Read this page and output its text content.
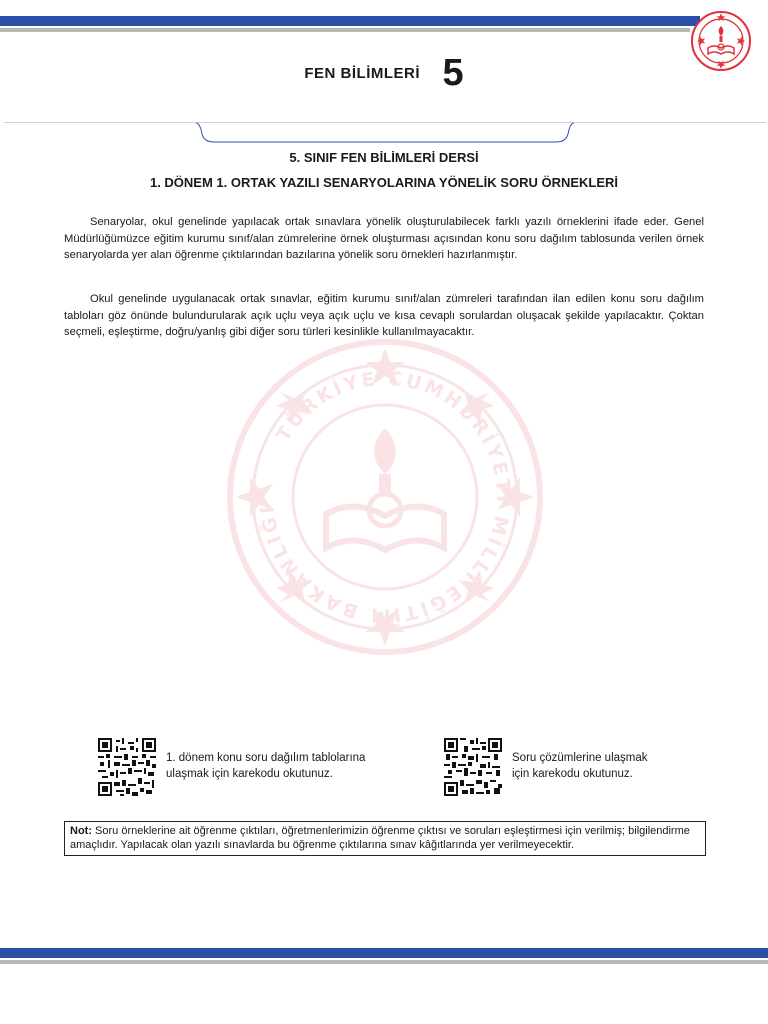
FEN BİLİMLERİ 5
5. SINIF FEN BİLİMLERİ DERSİ
1. DÖNEM 1. ORTAK YAZILI SENARYOLARINA YÖNELİK SORU ÖRNEKLERİ

Senaryolar, okul genelinde yapılacak ortak sınavlara yönelik oluşturulabilecek farklı yazılı örneklerini ifade eder. Genel Müdürlüğümüzce eğitim kurumu sınıf/alan zümrelerine örnek oluşturması açısından konu soru dağılım tablosunda verilen örnek senaryolarda yer alan öğrenme çıktılarından bazılarına yönelik soru örnekleri hazırlanmıştır.

Okul genelinde uygulanacak ortak sınavlar, eğitim kurumu sınıf/alan zümreleri tarafından ilan edilen konu soru dağılım tabloları göz önünde bulundurularak açık uçlu veya açık uçlu ve kısa cevaplı sorulardan oluşacak şekilde yapılacaktır. Çoktan seçmeli, eşleştirme, doğru/yanlış gibi diğer soru türleri kesinlikle kullanılmayacaktır.

TÜRKİYE CUMHURİYETİ MİLLİ EĞİTİM BAKANLIĞI
1. dönem konu soru dağılım tablolarına
ulaşmak için karekodu okutunuz.
Soru çözümlerine ulaşmak
için karekodu okutunuz.
Not: Soru örneklerine ait öğrenme çıktıları, öğretmenlerimizin öğrenme çıktısı ve soruları eşleştirmesi için verilmiş; bilgilendirme amaçlıdır. Yapılacak olan yazılı sınavlarda bu öğrenme çıktılarına sınav kâğıtlarında yer verilmeyecektir.
